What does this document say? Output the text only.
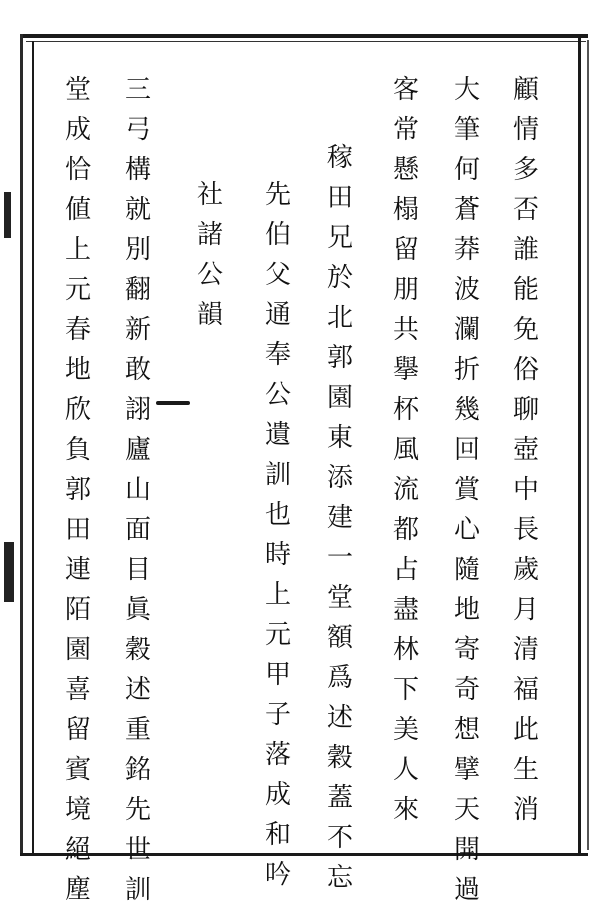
顧
情
多
否
誰
能
免
俗
聊
壺
中
長
歲
月
清
福
此
生
消
大
筆
何
蒼
莽
波
瀾
折
幾
回
賞
心
隨
地
寄
奇
想
擘
天
開
過
客
常
懸
榻
留
朋
共
擧
杯
風
流
都
占
盡
林
下
美
人
來
稼
田
兄
於
北
郭
園
東
添
建
一
堂
額
爲
述
穀
蓋
不
忘
先
伯
父
通
奉
公
遺
訓
也
時
上
元
甲
子
落
成
和
吟
社
諸
公
韻
三
弓
構
就
別
翻
新
敢
詡
廬
山
面
目
眞
穀
述
重
銘
先
世
訓
堂
成
恰
値
上
元
春
地
欣
負
郭
田
連
陌
園
喜
留
賓
境
絕
塵
